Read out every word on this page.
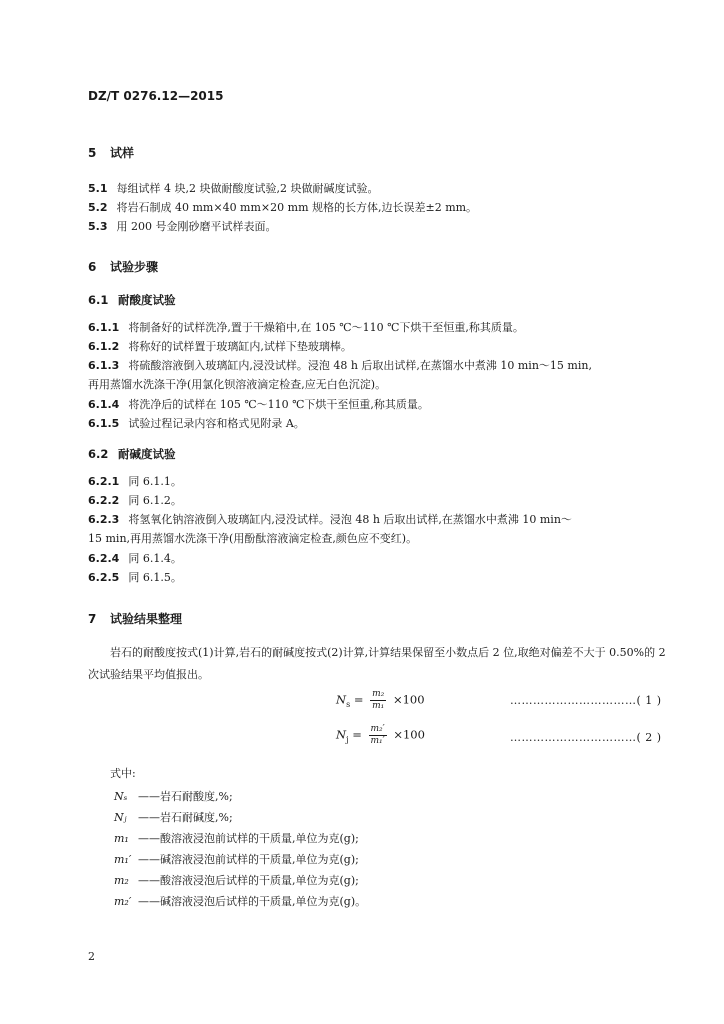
DZ/T 0276.12—2015
5 试样
5.1 每组试样 4 块,2 块做耐酸度试验,2 块做耐碱度试验。
5.2 将岩石制成 40 mm×40 mm×20 mm 规格的长方体,边长误差±2 mm。
5.3 用 200 号金刚砂磨平试样表面。
6 试验步骤
6.1 耐酸度试验
6.1.1 将制备好的试样洗净,置于干燥箱中,在 105 ℃～110 ℃下烘干至恒重,称其质量。
6.1.2 将称好的试样置于玻璃缸内,试样下垫玻璃棒。
6.1.3 将硫酸溶液倒入玻璃缸内,浸没试样。浸泡 48 h 后取出试样,在蒸馏水中煮沸 10 min～15 min,
再用蒸馏水洗涤干净(用氯化钡溶液滴定检查,应无白色沉淀)。
6.1.4 将洗净后的试样在 105 ℃～110 ℃下烘干至恒重,称其质量。
6.1.5 试验过程记录内容和格式见附录 A。
6.2 耐碱度试验
6.2.1 同 6.1.1。
6.2.2 同 6.1.2。
6.2.3 将氢氧化钠溶液倒入玻璃缸内,浸没试样。浸泡 48 h 后取出试样,在蒸馏水中煮沸 10 min～
15 min,再用蒸馏水洗涤干净(用酚酞溶液滴定检查,颜色应不变红)。
6.2.4 同 6.1.4。
6.2.5 同 6.1.5。
7 试验结果整理
岩石的耐酸度按式(1)计算,岩石的耐碱度按式(2)计算,计算结果保留至小数点后 2 位,取绝对偏差不大于 0.50%的 2 次试验结果平均值报出。
$N_s = \frac{\text{m₂}}{\text{m₁}} \times 100$	……………………………( 1 )
$N_j = \frac{\text{m₂′}}{\text{m₁′}} \times 100$	……………………………( 2 )
式中:
Nₛ ——岩石耐酸度,%;
Nⱼ ——岩石耐碱度,%;
m₁ ——酸溶液浸泡前试样的干质量,单位为克(g);
m₁′ ——碱溶液浸泡前试样的干质量,单位为克(g);
m₂ ——酸溶液浸泡后试样的干质量,单位为克(g);
m₂′ ——碱溶液浸泡后试样的干质量,单位为克(g)。
2
